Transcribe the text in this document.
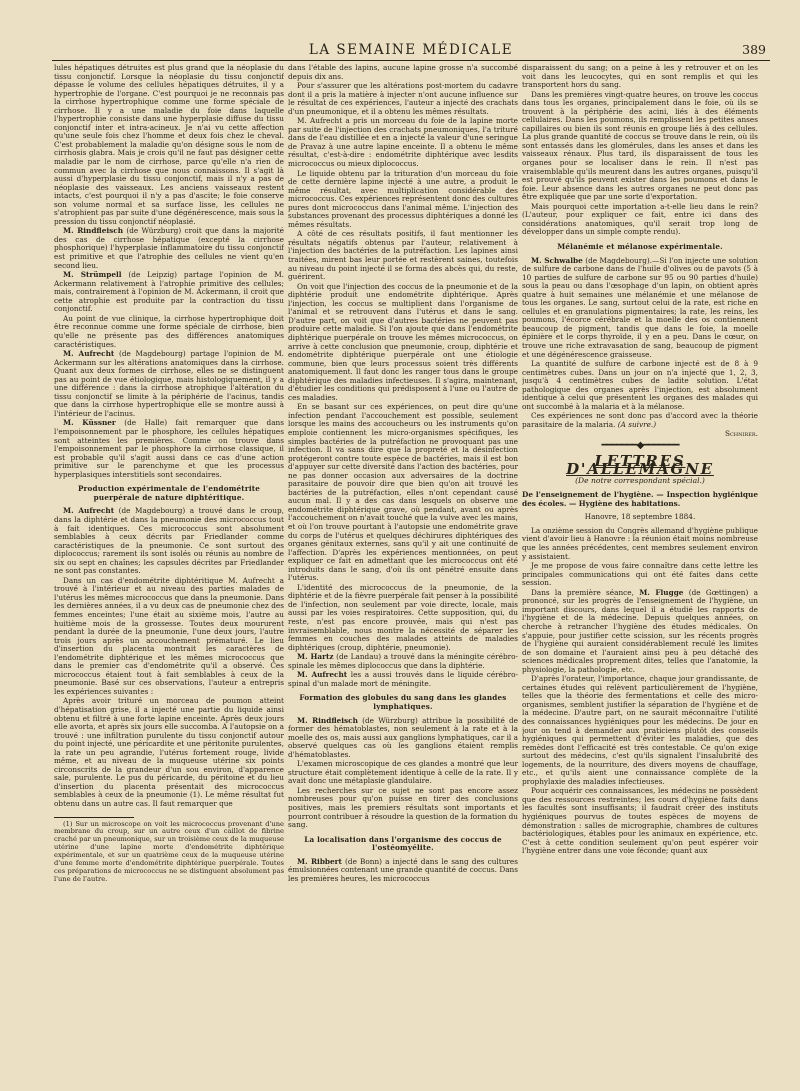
LA SEMAINE MÉDICALE	389

lules hépatiques détruites est plus grand que la néoplasie du tissu conjonctif. Lorsque la néoplasie du tissu conjonctif dépasse le volume des cellules hépatiques détruites, il y a hypertrophie de l'organe. C'est pourquoi je ne reconnais pas la cirrhose hypertrophique comme une forme spéciale de cirrhose. Il y a une maladie du foie dans laquelle l'hypertrophie consiste dans une hyperplasie diffuse du tissu conjonctif inter et intra-acineux. Je n'ai vu cette affection qu'une seule fois chez l'homme et deux fois chez le cheval. C'est probablement la maladie qu'on désigne sous le nom de cirrhosis glabra. Mais je crois qu'il ne faut pas désigner cette maladie par le nom de cirrhose, parce qu'elle n'a rien de commun avec la cirrhose que nous connaissons. Il s'agit là aussi d'hyperplasie du tissu conjonctif, mais il n'y a pas de néoplasie des vaisseaux. Les anciens vaisseaux restent intacts, c'est pourquoi il n'y a pas d'ascite; le foie conserve son volume normal et sa surface lisse, les cellules ne s'atrophient pas par suite d'une dégénérescence, mais sous la pression du tissu conjonctif néoplasié.

M. Rindfleisch (de Würzburg) croit que dans la majorité des cas de cirrhose hépatique (excepté la cirrhose phosphorique) l'hyperplasie inflammatoire du tissu conjonctif est primitive et que l'atrophie des cellules ne vient qu'en second lieu.

M. Strümpell (de Leipzig) partage l'opinion de M. Ackermann relativement à l'atrophie primitive des cellules; mais, contrairement à l'opinion de M. Ackermann, il croit que cette atrophie est produite par la contraction du tissu conjonctif.

Au point de vue clinique, la cirrhose hypertrophique doit être reconnue comme une forme spéciale de cirrhose, bien qu'elle ne présente pas des différences anatomiques caractéristiques.

M. Aufrecht (de Magdebourg) partage l'opinion de M. Ackermann sur les altérations anatomiques dans la cirrhose. Quant aux deux formes de cirrhose, elles ne se distinguent pas au point de vue étiologique, mais histologiquement, il y a une différence : dans la cirrhose atrophique l'altération du tissu conjonctif se limite à la périphérie de l'acinus, tandis que dans la cirrhose hypertrophique elle se montre aussi à l'intérieur de l'acinus.

M. Küssner (de Halle) fait remarquer que dans l'empoisonnement par le phosphore, les cellules hépatiques sont atteintes les premières. Comme on trouve dans l'empoisonnement par le phosphore la cirrhose classique, il est probable qu'il s'agit aussi dans ce cas d'une action primitive sur le parenchyme et que les processus hyperplasiques interstitiels sont secondaires.

Production expérimentale de l'endométrite puerpérale de nature diphtéritique.

M. Aufrecht (de Magdebourg) a trouvé dans le croup, dans la diphtérie et dans la pneumonie des micrococcus tout à fait identiques. Ces micrococcus sont absolument semblables à ceux décrits par Friedlander comme caractéristiques de la pneumonie. Ce sont surtout des diplococcus; rarement ils sont isolés ou réunis au nombre de six ou sept en chaînes; les capsules décrites par Friedlander ne sont pas constantes.

Dans un cas d'endométrite diphtéritique M. Aufrecht a trouvé à l'intérieur et au niveau des parties malades de l'utérus les mêmes micrococcus que dans la pneumonie. Dans les dernières années, il a vu deux cas de pneumonie chez des femmes enceintes; l'une était au sixième mois, l'autre au huitième mois de la grossesse. Toutes deux moururent pendant la durée de la pneumonie, l'une deux jours, l'autre trois jours après un accouchement prématuré. Le lieu d'insertion du placenta montrait les caractères de l'endométrite diphtérique et les mêmes micrococcus que dans le premier cas d'endométrite qu'il a observé. Ces micrococcus étaient tout à fait semblables à ceux de la pneumonie. Basé sur ces observations, l'auteur a entrepris les expériences suivantes :

Après avoir trituré un morceau de poumon atteint d'hépatisation grise, il a injecté une partie du liquide ainsi obtenu et filtré à une forte lapine enceinte. Après deux jours elle avorta, et après six jours elle succomba. A l'autopsie on a trouvé : une infiltration purulente du tissu conjonctif autour du point injecté, une péricardite et une péritonite purulentes, la rate un peu agrandie, l'utérus fortement rouge, livide même, et au niveau de la muqueuse utérine six points circonscrits de la grandeur d'un sou environ, d'apparence sale, purulente. Le pus du péricarde, du péritoine et du lieu d'insertion du placenta présentait des micrococcus semblables à ceux de la pneumonie (1). Le même résultat fut obtenu dans un autre cas. Il faut remarquer que

(1) Sur un microscope on voit les micrococcus provenant d'une membrane du croup, sur un autre ceux d'un caillot de fibrine craché par un pneumonique, sur un troisième ceux de la muqueuse utérine d'une lapine morte d'endométrite diphtérique expérimentale, et sur un quatrième ceux de la muqueuse utérine d'une femme morte d'endométrite diphtérique puerpérale. Toutes ces préparations de micrococcus ne se distinguent absolument pas l'une de l'autre.

dans l'étable des lapins, aucune lapine grosse n'a succombé depuis dix ans.

Pour s'assurer que les altérations post-mortem du cadavre dont il a pris la matière à injecter n'ont aucune influence sur le résultat de ces expériences, l'auteur a injecté des crachats d'un pneumonique, et il a obtenu les mêmes résultats.

M. Aufrecht a pris un morceau du foie de la lapine morte par suite de l'injection des crachats pneumoniques, l'a trituré dans de l'eau distillée et en a injecté la valeur d'une seringue de Pravaz à une autre lapine enceinte. Il a obtenu le même résultat, c'est-à-dire : endométrite diphtérique avec lesdits micrococcus ou mieux diplococcus.

Le liquide obtenu par la trituration d'un morceau du foie de cette dernière lapine injecté à une autre, a produit le même résultat, avec multiplication considérable des micrococcus. Ces expériences représentent donc des cultures pures dont micrococcus dans l'animal même. L'injection des substances provenant des processus diphtériques a donné les mêmes résultats.

A côté de ces résultats positifs, il faut mentionner les résultats négatifs obtenus par l'auteur, relativement à l'injection des bactéries de la putréfaction. Les lapines ainsi traitées, mirent bas leur portée et restèrent saines, toutefois au niveau du point injecté il se forma des abcès qui, du reste, guérirent.

On voit que l'injection des coccus de la pneumonie et de la diphtérie produit une endométrite diphtérique. Après l'injection, les coccus se multiplient dans l'organisme de l'animal et se retrouvent dans l'utérus et dans le sang. D'autre part, on voit que d'autres bactéries ne peuvent pas produire cette maladie. Si l'on ajoute que dans l'endométrite diphtérique puerpérale on trouve les mêmes micrococcus, on arrive à cette conclusion que pneumonie, croup, diphtérie et endométrite diphtérique puerpérale ont une étiologie commune, bien que leurs processus soient très différents anatomiquement. Il faut donc les ranger tous dans le groupe diphtérique des maladies infectieuses. Il s'agira, maintenant, d'étudier les conditions qui prédisposent à l'une ou l'autre de ces maladies.

En se basant sur ces expériences, on peut dire qu'une infection pendant l'accouchement est possible, seulement lorsque les mains des accoucheurs ou les instruments qu'on emploie contiennent les micro-organismes spécifiques, les simples bactéries de la putréfaction ne provoquant pas une infection. Il va sans dire que la propreté et la désinfection protégeront contre toute espèce de bactéries, mais il est bon d'appuyer sur cette diversité dans l'action des bactéries, pour ne pas donner occasion aux adversaires de la doctrine parasitaire de pouvoir dire que bien qu'on ait trouvé les bactéries de la putréfaction, elles n'ont cependant causé aucun mal. Il y a des cas dans lesquels on observe une endométrite diphtérique grave, où pendant, avant ou après l'accouchement on n'avait touché que la vulve avec les mains, et où l'on trouve pourtant à l'autopsie une endométrite grave du corps de l'utérus et quelques déchirures diphtériques des organes génitaux externes, sans qu'il y ait une continuité de l'affection. D'après les expériences mentionnées, on peut expliquer ce fait en admettant que les micrococcus ont été introduits dans le sang, d'où ils ont pénétré ensuite dans l'utérus.

L'identité des micrococcus de la pneumonie, de la diphtérie et de la fièvre puerpérale fait penser à la possibilité de l'infection, non seulement par voie directe, locale, mais aussi par les voies respiratoires. Cette supposition, qui, du reste, n'est pas encore prouvée, mais qui n'est pas invraisemblable, nous montre la nécessité de séparer les femmes en couches des malades atteints de maladies diphtériques (croup, diphtérie, pneumonie).

M. Hartz (de Landau) a trouvé dans la méningite cérébro-spinale les mêmes diplococcus que dans la diphtérie.

M. Aufrecht les a aussi trouvés dans le liquide cérébro-spinal d'un malade mort de méningite.

Formation des globules du sang dans les glandes lymphatiques.

M. Rindfleisch (de Würzburg) attribue la possibilité de former des hématoblastes, non seulement à la rate et à la moelle des os, mais aussi aux ganglions lymphatiques, car il a observé quelques cas où les ganglions étaient remplis d'hématoblastes.

L'examen microscopique de ces glandes a montré que leur structure était complètement identique à celle de la rate. Il y avait donc une métaplasie glandulaire.

Les recherches sur ce sujet ne sont pas encore assez nombreuses pour qu'on puisse en tirer des conclusions positives, mais les premiers résultats sont importants et pourront contribuer à résoudre la question de la formation du sang.

La localisation dans l'organisme des coccus de l'ostéomyélite.

M. Ribbert (de Bonn) a injecté dans le sang des cultures émulsionnées contenant une grande quantité de coccus. Dans les premières heures, les micrococcus

disparaissent du sang; on a peine à les y retrouver et on les voit dans les leucocytes, qui en sont remplis et qui les transportent hors du sang.

Dans les premières vingt-quatre heures, on trouve les coccus dans tous les organes, principalement dans le foie, où ils se trouvent à la périphérie des acini, liés à des éléments cellulaires. Dans les poumons, ils remplissent les petites anses capillaires ou bien ils sont réunis en groupe liés à des cellules. La plus grande quantité de coccus se trouve dans le rein, où ils sont entassés dans les glomérules, dans les anses et dans les vaisseaux rénaux. Plus tard, ils disparaissent de tous les organes pour se localiser dans le rein. Il n'est pas vraisemblable qu'ils meurent dans les autres organes, puisqu'il est prouvé qu'ils peuvent exister dans les poumons et dans le foie. Leur absence dans les autres organes ne peut donc pas être expliquée que par une sorte d'exportation.

Mais pourquoi cette importation a-t-elle lieu dans le rein? (L'auteur, pour expliquer ce fait, entre ici dans des considérations anatomiques, qu'il serait trop long de développer dans un simple compte rendu).

Mélanémie et mélanose expérimentale.

M. Schwalbe (de Magdebourg).—Si l'on injecte une solution de sulfure de carbone dans de l'huile d'olives ou de pavots (5 à 10 parties de sulfure de carbone sur 95 ou 90 parties d'huile) sous la peau ou dans l'œsophage d'un lapin, on obtient après quatre à huit semaines une mélanémie et une mélanose de tous les organes. Le sang, surtout celui de la rate, est riche en cellules et en granulations pigmentaires; la rate, les reins, les poumons, l'écorce cérébrale et la moelle des os contiennent beaucoup de pigment, tandis que dans le foie, la moelle épinière et le corps thyroïde, il y en a peu. Dans le cœur, on trouve une riche extravasation de sang, beaucoup de pigment et une dégénérescence graisseuse.

La quantité de sulfure de carbone injecté est de 8 à 9 centimètres cubes. Dans un jour on n'a injecté que 1, 2, 3, jusqu'à 4 centimètres cubes de ladite solution. L'état pathologique des organes après l'injection, est absolument identique à celui que présentent les organes des malades qui ont succombé à la malaria et à la mélanose.

Ces expériences ne sont donc pas d'accord avec la théorie parasitaire de la malaria. (A suivre.)

Schnirer.
━━━━━━━◆━━━━━━━
LETTRES D'ALLEMAGNE
(De notre correspondant spécial.)
De l'enseignement de l'hygiène. — Inspection hygiénique des écoles. — Hygiène des habitations.
Hanovre, 18 septembre 1884.

La onzième session du Congrès allemand d'hygiène publique vient d'avoir lieu à Hanovre : la réunion était moins nombreuse que les années précédentes, cent membres seulement environ y assistaient.

Je me propose de vous faire connaître dans cette lettre les principales communications qui ont été faites dans cette session.

Dans la première séance, M. Flugge (de Gœttingen) a prononcé, sur les progrès de l'enseignement de l'hygiène, un important discours, dans lequel il a étudié les rapports de l'hygiène et de la médecine. Depuis quelques années, on cherche à retrancher l'hygiène des études médicales. On s'appuie, pour justifier cette scission, sur les récents progrès de l'hygiène qui auraient considérablement reculé les limites de son domaine et l'auraient ainsi peu à peu détaché des sciences médicales proprement dites, telles que l'anatomie, la physiologie, la pathologie, etc.

D'après l'orateur, l'importance, chaque jour grandissante, de certaines études qui relèvent particulièrement de l'hygiène, telles que la théorie des fermentations et celle des micro-organismes, semblent justifier la séparation de l'hygiène et de la médecine. D'autre part, on ne saurait méconnaître l'utilité des connaissances hygiéniques pour les médecins. De jour en jour on tend à demander aux praticiens plutôt des conseils hygiéniques qui permettent d'éviter les maladies, que des remèdes dont l'efficacité est très contestable. Ce qu'on exige surtout des médecins, c'est qu'ils signalent l'insalubrité des logements, de la nourriture, des divers moyens de chauffage, etc., et qu'ils aient une connaissance complète de la prophylaxie des maladies infectieuses.

Pour acquérir ces connaissances, les médecins ne possèdent que des ressources restreintes; les cours d'hygiène faits dans les facultés sont insuffisants; il faudrait créer des instituts hygiéniques pourvus de toutes espèces de moyens de démonstration : salles de micrographie, chambres de cultures bactériologiques, étables pour les animaux en expérience, etc. C'est à cette condition seulement qu'on peut espérer voir l'hygiène entrer dans une voie féconde; quant aux
